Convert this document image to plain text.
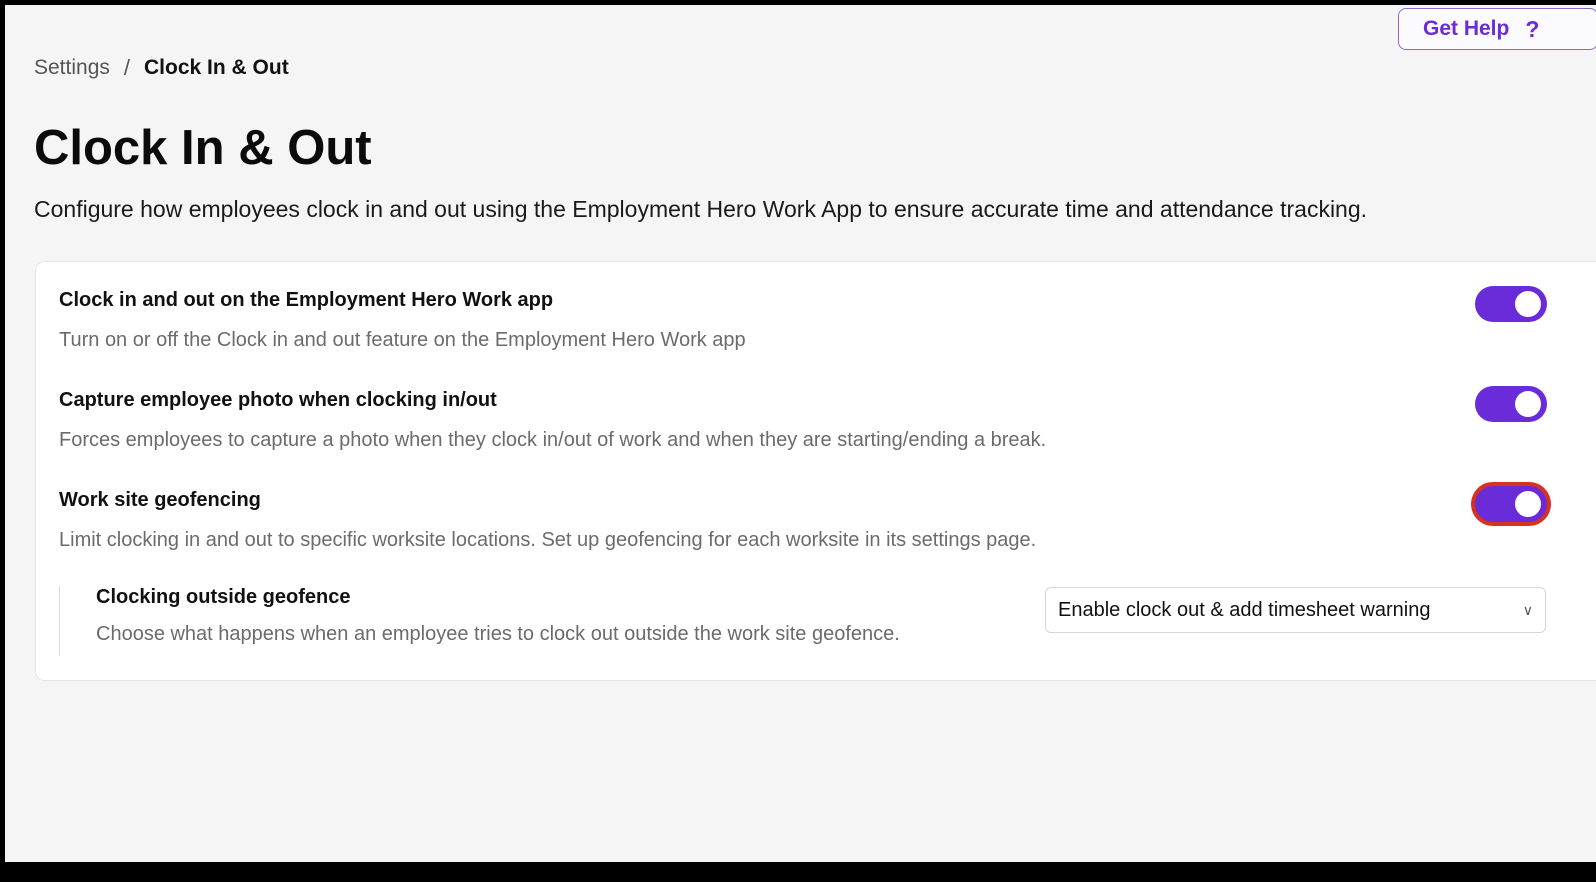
Get Help ?
Settings / Clock In & Out
Clock In & Out

Configure how employees clock in and out using the Employment Hero Work App to ensure accurate time and attendance tracking.

Clock in and out on the Employment Hero Work app
Turn on or off the Clock in and out feature on the Employment Hero Work app
Capture employee photo when clocking in/out
Forces employees to capture a photo when they clock in/out of work and when they are starting/ending a break.
Work site geofencing
Limit clocking in and out to specific worksite locations. Set up geofencing for each worksite in its settings page.
Clocking outside geofence
Choose what happens when an employee tries to clock out outside the work site geofence.
Enable clock out & add timesheet warning	∨
